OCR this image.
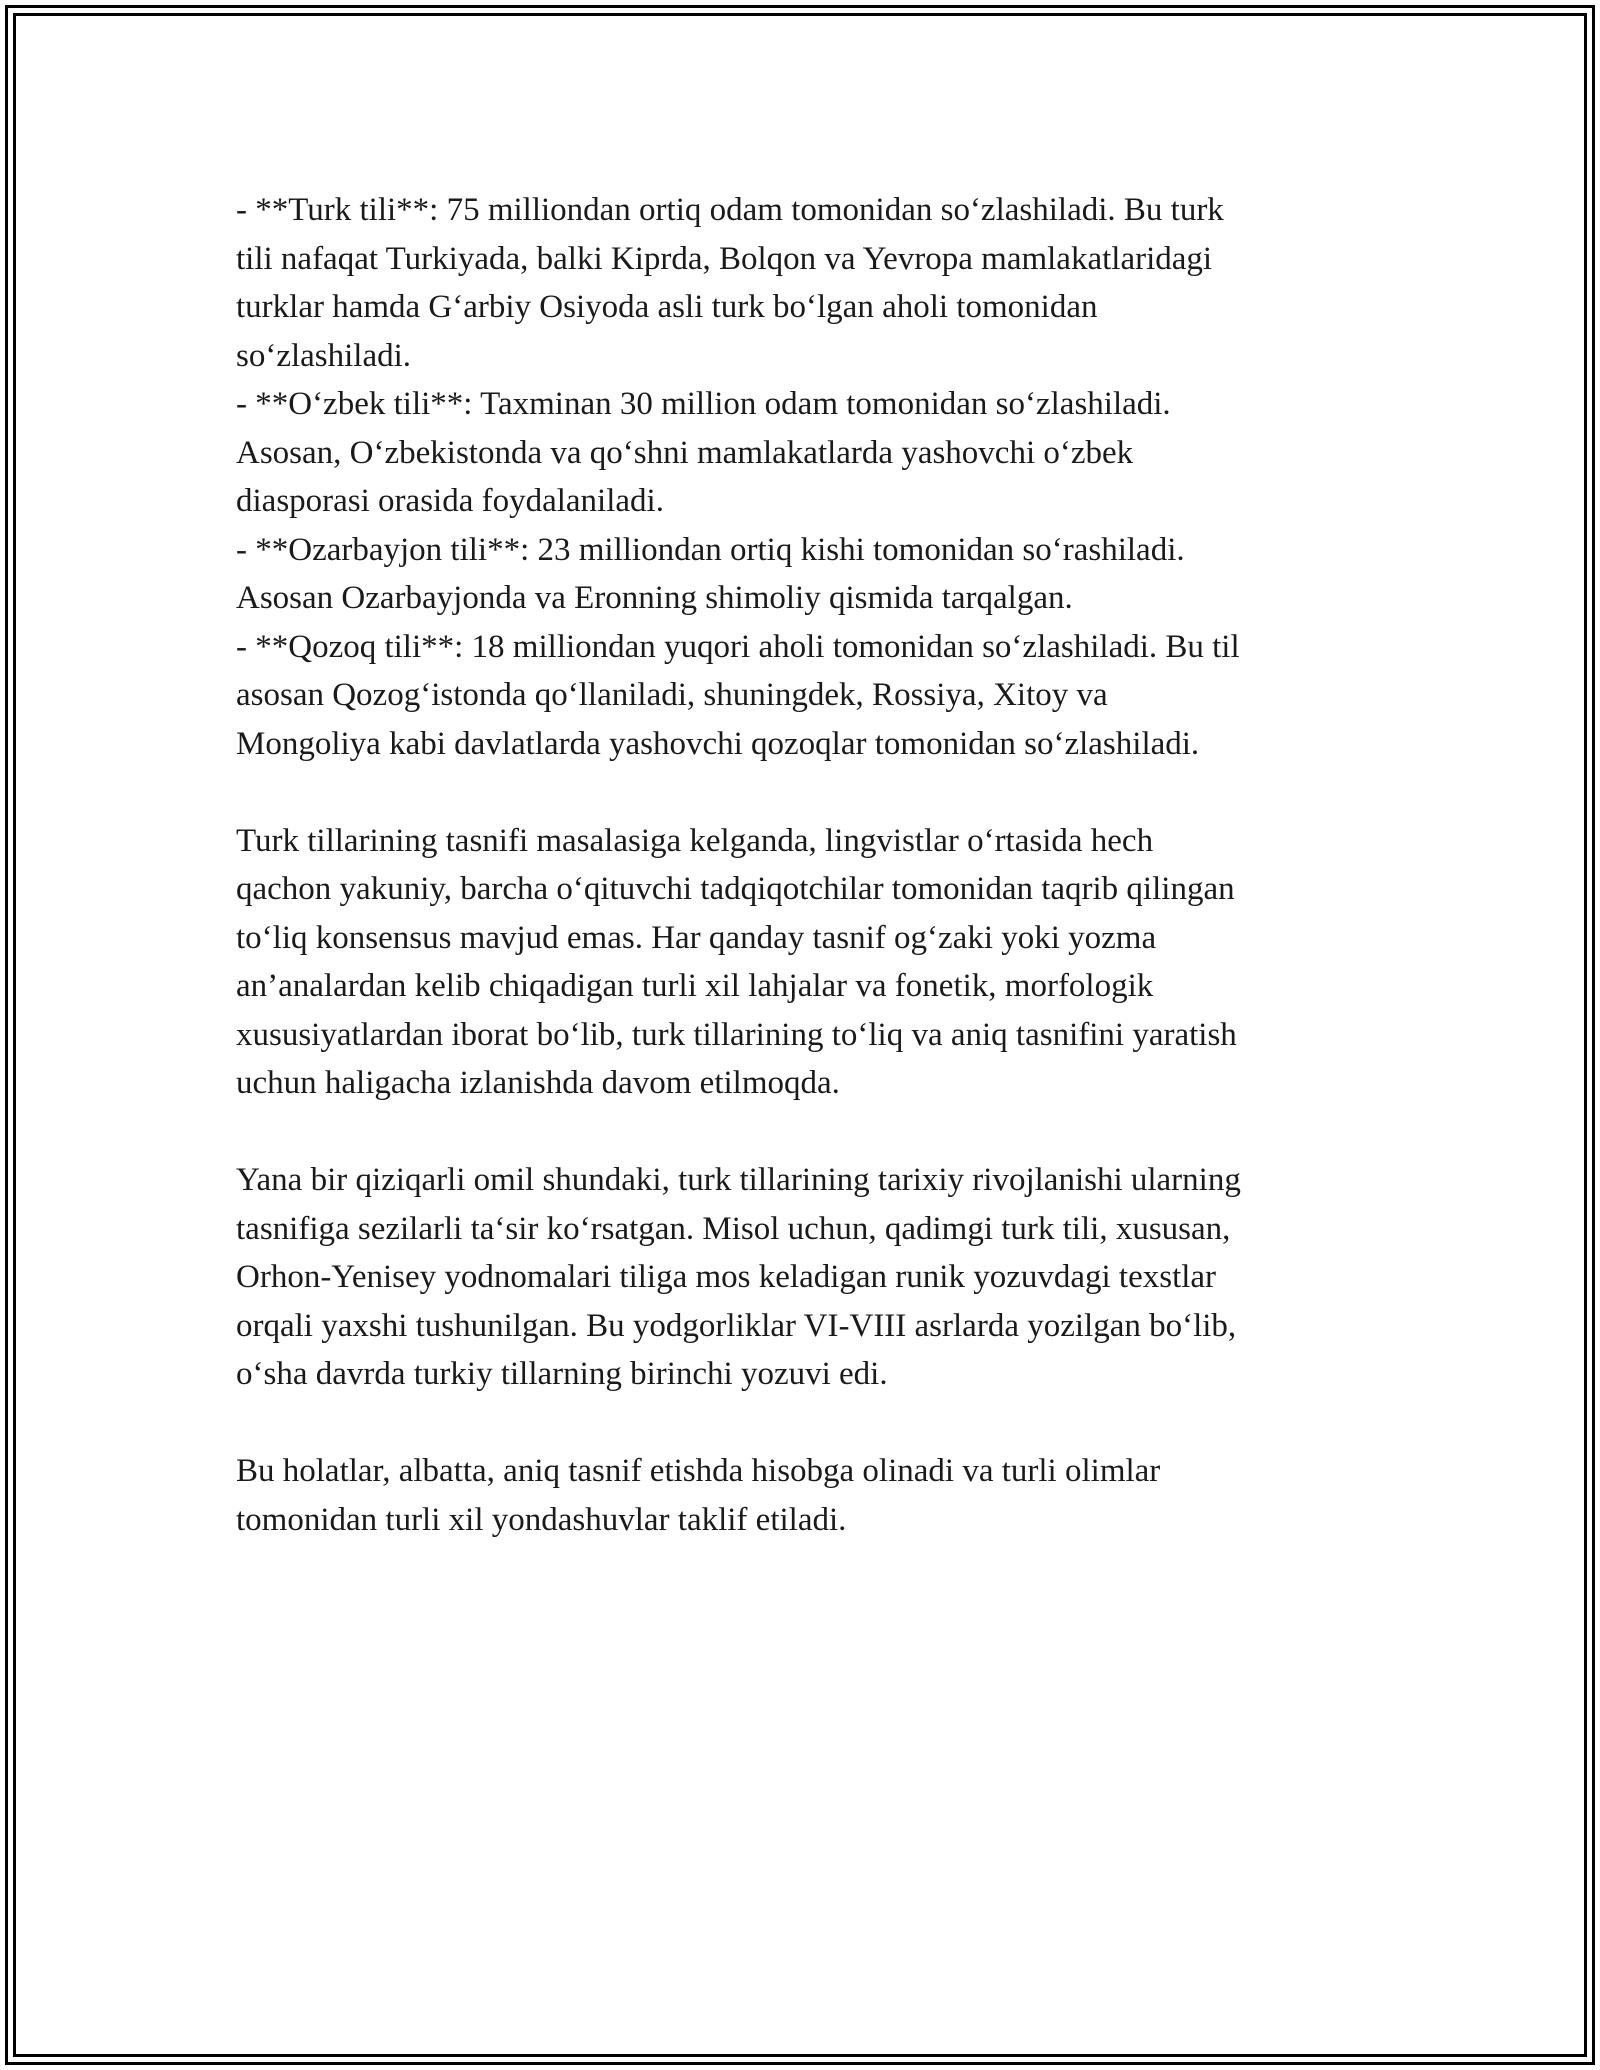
- **Turk tili**: 75 milliondan ortiq odam tomonidan so‘zlashiladi. Bu turk
tili nafaqat Turkiyada, balki Kiprda, Bolqon va Yevropa mamlakatlaridagi
turklar hamda G‘arbiy Osiyoda asli turk bo‘lgan aholi tomonidan
so‘zlashiladi.
- **O‘zbek tili**: Taxminan 30 million odam tomonidan so‘zlashiladi.
Asosan, O‘zbekistonda va qo‘shni mamlakatlarda yashovchi o‘zbek
diasporasi orasida foydalaniladi.
- **Ozarbayjon tili**: 23 milliondan ortiq kishi tomonidan so‘rashiladi.
Asosan Ozarbayjonda va Eronning shimoliy qismida tarqalgan.
- **Qozoq tili**: 18 milliondan yuqori aholi tomonidan so‘zlashiladi. Bu til
asosan Qozog‘istonda qo‘llaniladi, shuningdek, Rossiya, Xitoy va
Mongoliya kabi davlatlarda yashovchi qozoqlar tomonidan so‘zlashiladi.
Turk tillarining tasnifi masalasiga kelganda, lingvistlar o‘rtasida hech
qachon yakuniy, barcha o‘qituvchi tadqiqotchilar tomonidan taqrib qilingan
to‘liq konsensus mavjud emas. Har qanday tasnif og‘zaki yoki yozma
an’analardan kelib chiqadigan turli xil lahjalar va fonetik, morfologik
xususiyatlardan iborat bo‘lib, turk tillarining to‘liq va aniq tasnifini yaratish
uchun haligacha izlanishda davom etilmoqda.
Yana bir qiziqarli omil shundaki, turk tillarining tarixiy rivojlanishi ularning
tasnifiga sezilarli ta‘sir ko‘rsatgan. Misol uchun, qadimgi turk tili, xususan,
Orhon-Yenisey yodnomalari tiliga mos keladigan runik yozuvdagi texstlar
orqali yaxshi tushunilgan. Bu yodgorliklar VI-VIII asrlarda yozilgan bo‘lib,
o‘sha davrda turkiy tillarning birinchi yozuvi edi.
Bu holatlar, albatta, aniq tasnif etishda hisobga olinadi va turli olimlar
tomonidan turli xil yondashuvlar taklif etiladi.
